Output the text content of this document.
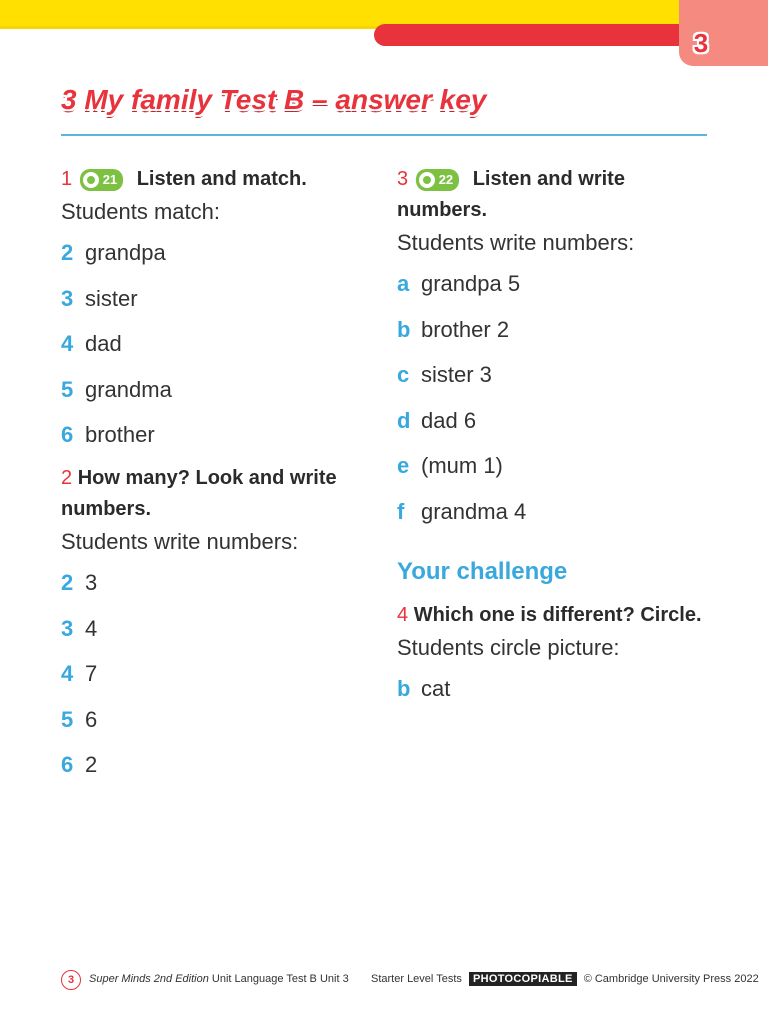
3
3 My family Test B – answer key
1 21 Listen and match.
Students match:
2 grandpa
3 sister
4 dad
5 grandma
6 brother
2 How many? Look and write numbers.
Students write numbers:
2 3
3 4
4 7
5 6
6 2
3 22 Listen and write numbers.
Students write numbers:
a grandpa 5
b brother 2
c sister 3
d dad 6
e (mum 1)
f grandma 4
Your challenge
4 Which one is different? Circle.
Students circle picture:
b cat
3	Super Minds 2nd Edition Unit Language Test B Unit 3 Starter Level Tests PHOTOCOPIABLE © Cambridge University Press 2022
